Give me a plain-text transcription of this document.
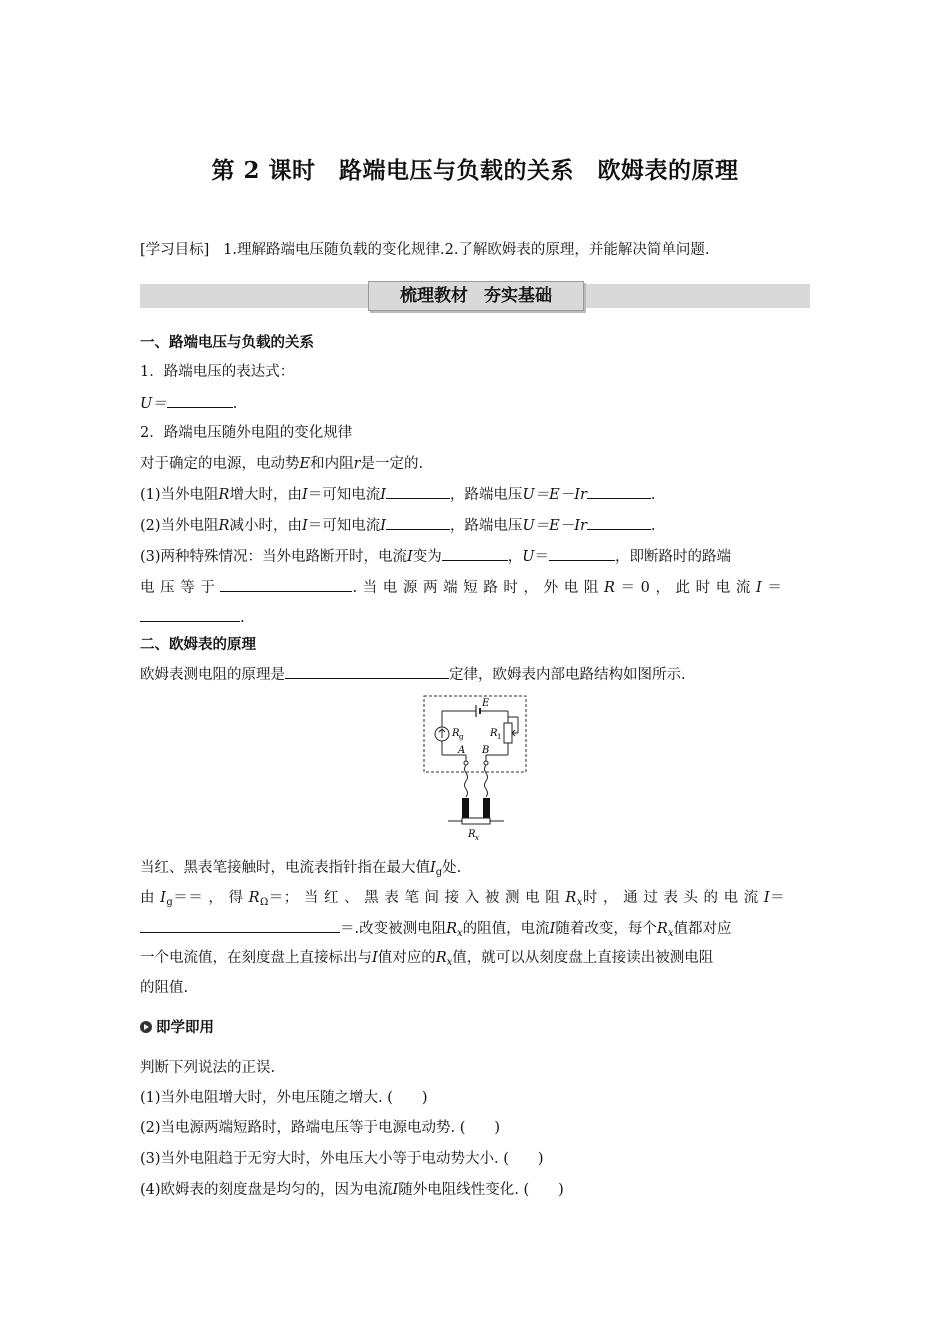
第 2 课时　路端电压与负载的关系　欧姆表的原理
[学习目标] 1.理解路端电压随负载的变化规律.2.了解欧姆表的原理，并能解决简单问题.
梳理教材 夯实基础
一、路端电压与负载的关系
1．路端电压的表达式：
U＝	.
2．路端电压随外电阻的变化规律
对于确定的电源，电动势E和内阻r是一定的.
(1)当外电阻R增大时，由I＝可知电流I	，路端电压U＝E－Ir	.
(2)当外电阻R减小时，由I＝可知电流I	，路端电压U＝E－Ir	.
(3)两种特殊情况：当外电路断开时，电流I变为	，U＝	，即断路时的路端
电 压 等 于	. 当 电 源 两 端 短 路 时 ， 外 电 阻 R ＝ 0 ， 此 时 电 流 I ＝
.
二、欧姆表的原理
欧姆表测电阻的原理是	定律，欧姆表内部电路结构如图所示.
E
R g	R 1
A B
R x
当红、黑表笔接触时，电流表指针指在最大值$I_g$处.
由 $I_g==$ ， 得 $R_\Omega=$； 当 红 、 黑 表 笔 间 接 入 被 测 电 阻 $R_x$时 ， 通 过 表 头 的 电 流 I＝
＝.改变被测电阻$R_x$的阻值，电流I随着改变，每个$R_x$值都对应
一个电流值，在刻度盘上直接标出与I值对应的$R_x$值，就可以从刻度盘上直接读出被测电阻
的阻值.
即学即用
判断下列说法的正误.
(1)当外电阻增大时，外电压随之增大. (　　)
(2)当电源两端短路时，路端电压等于电源电动势. (　　)
(3)当外电阻趋于无穷大时，外电压大小等于电动势大小. (　　)
(4)欧姆表的刻度盘是均匀的，因为电流I随外电阻线性变化. (　　)
